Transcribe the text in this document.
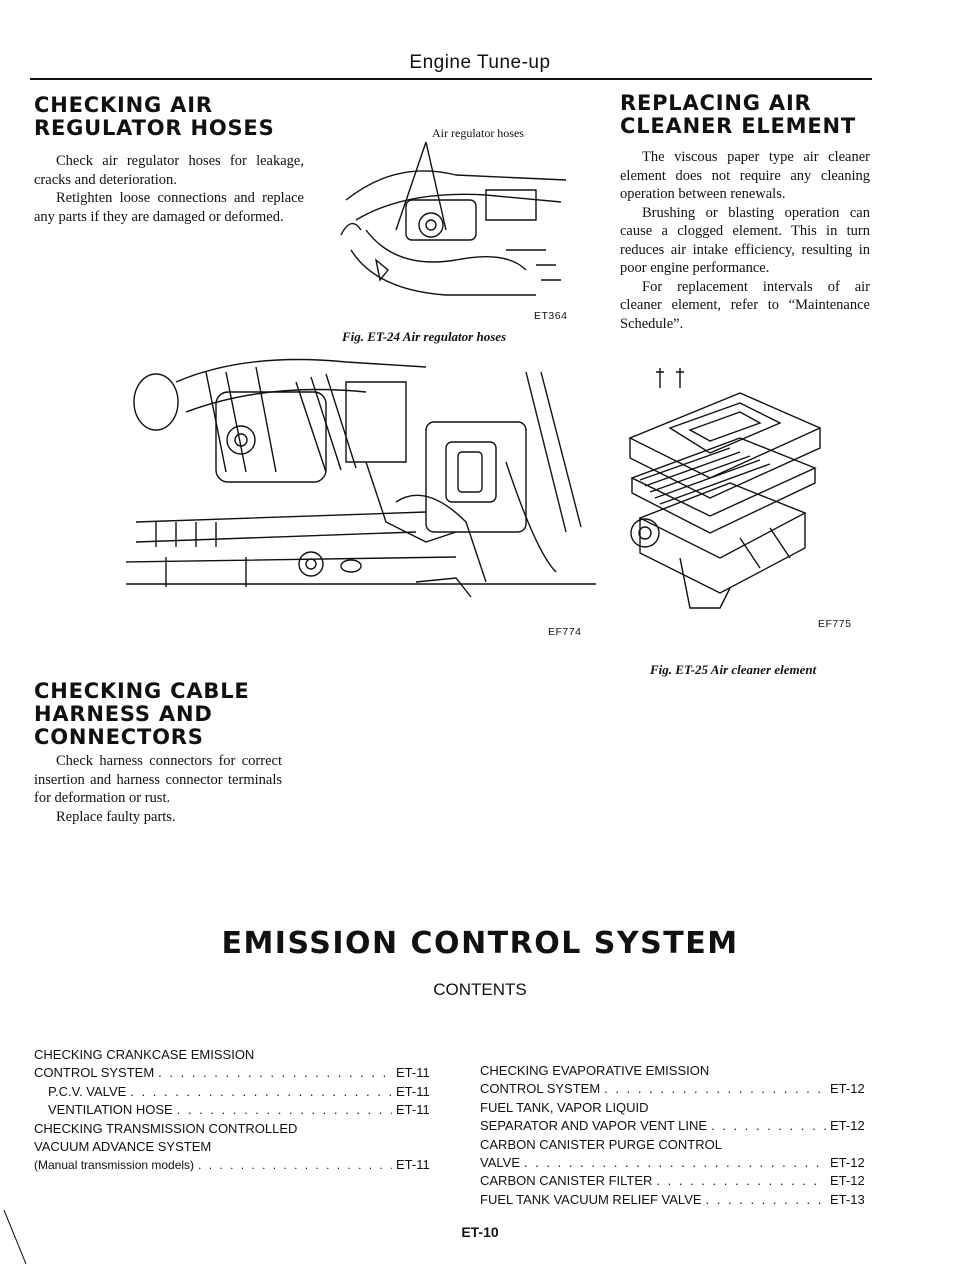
Engine Tune-up
CHECKING AIR
REGULATOR HOSES

Check air regulator hoses for leakage, cracks and deterioration.

Retighten loose connections and replace any parts if they are damaged or deformed.

Air regulator hoses
ET364
Fig. ET-24 Air regulator hoses
REPLACING AIR
CLEANER ELEMENT

The viscous paper type air cleaner element does not require any cleaning operation between renewals.

Brushing or blasting operation can cause a clogged element. This in turn reduces air intake efficiency, resulting in poor engine performance.

For replacement intervals of air cleaner element, refer to “Maintenance Schedule”.

EF774
EF775
Fig. ET-25 Air cleaner element
CHECKING CABLE
HARNESS AND
CONNECTORS

Check harness connectors for correct insertion and harness connector terminals for deformation or rust.

Replace faulty parts.

EMISSION CONTROL SYSTEM
CONTENTS
CHECKING CRANKCASE EMISSION
CONTROL SYSTEM . . .	ET-11
P.C.V. VALVE . . .	ET-11
VENTILATION HOSE . . .	ET-11
CHECKING TRANSMISSION CONTROLLED
VACUUM ADVANCE SYSTEM
(Manual transmission models) . . .	ET-11
CHECKING EVAPORATIVE EMISSION
CONTROL SYSTEM . . .	ET-12
FUEL TANK, VAPOR LIQUID
SEPARATOR AND VAPOR VENT LINE . . .	ET-12
CARBON CANISTER PURGE CONTROL
VALVE . . .	ET-12
CARBON CANISTER FILTER . . .	ET-12
FUEL TANK VACUUM RELIEF VALVE . . .	ET-13
ET-10
